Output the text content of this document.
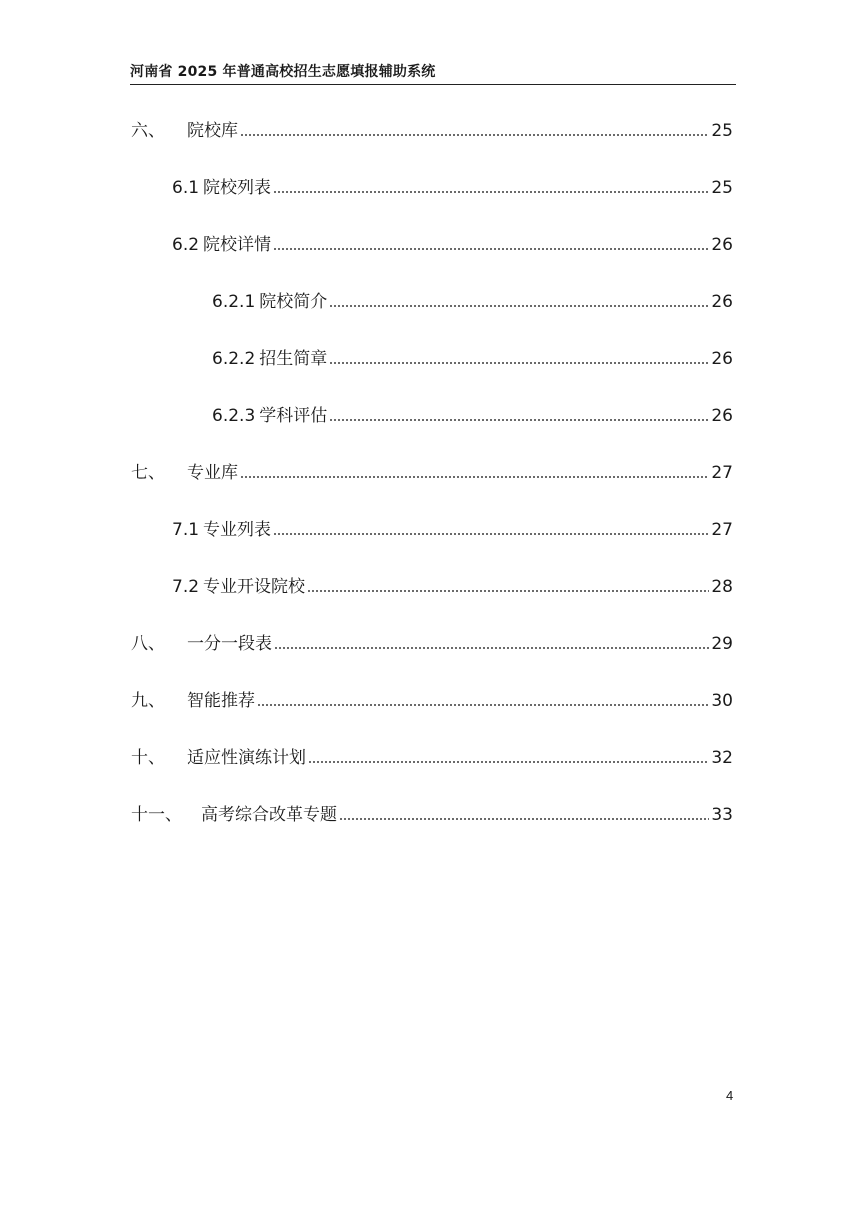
河南省 2025 年普通高校招生志愿填报辅助系统
六、 院校库	25
6.1 院校列表	25
6.2 院校详情	26
6.2.1 院校简介	26
6.2.2 招生简章	26
6.2.3 学科评估	26
七、 专业库	27
7.1 专业列表	27
7.2 专业开设院校	28
八、 一分一段表	29
九、 智能推荐	30
十、 适应性演练计划	32
十一、 高考综合改革专题	33
4
